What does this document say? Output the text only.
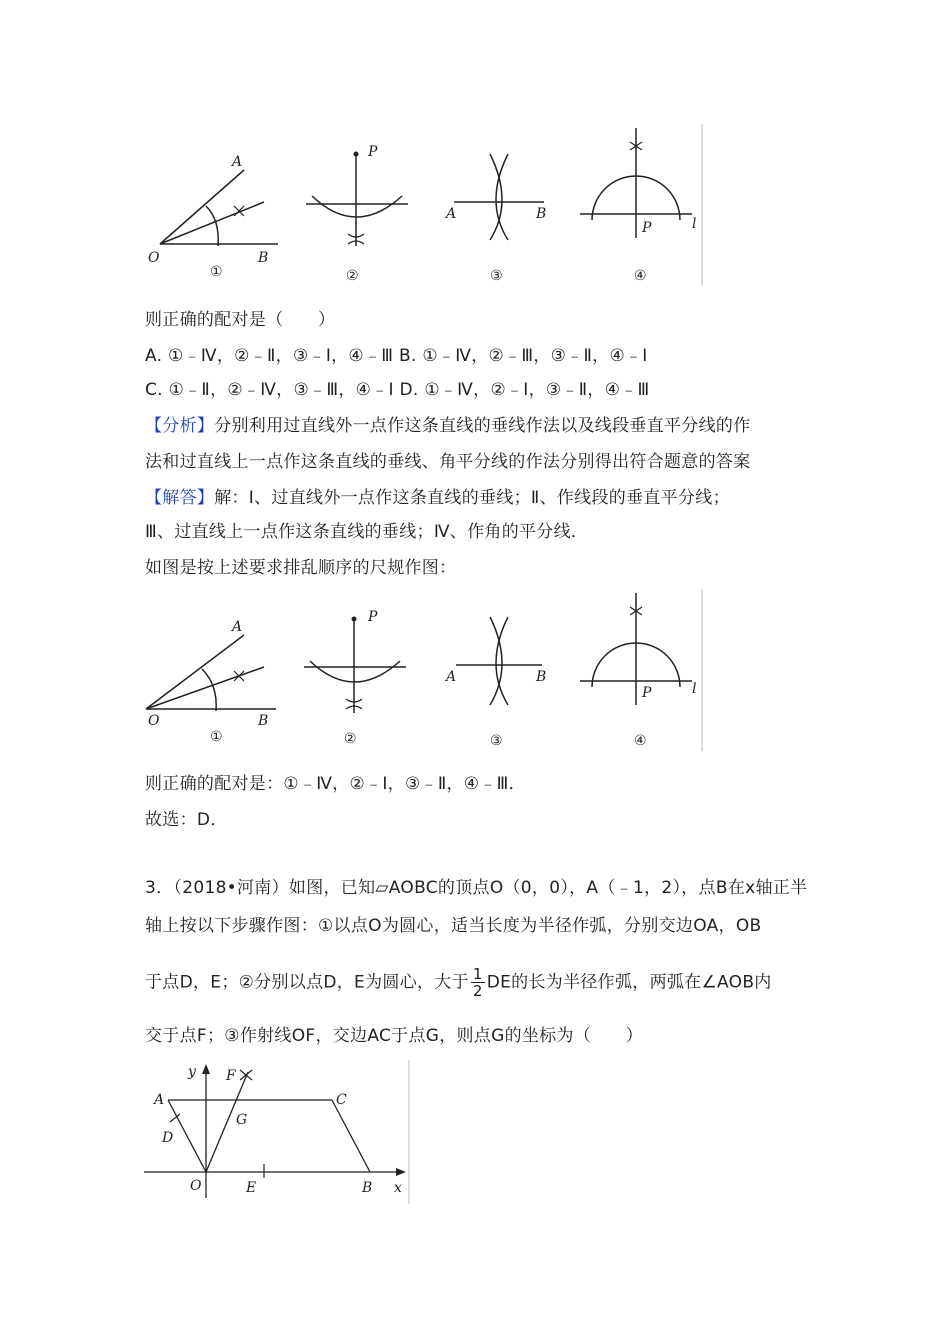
A
O	B
①
P
②
A	B
③
P	l
④
则正确的配对是（　　）
A. ①﹣Ⅳ，②﹣Ⅱ，③﹣Ⅰ，④﹣Ⅲ B. ①﹣Ⅳ，②﹣Ⅲ，③﹣Ⅱ，④﹣Ⅰ
C. ①﹣Ⅱ，②﹣Ⅳ，③﹣Ⅲ，④﹣Ⅰ D. ①﹣Ⅳ，②﹣Ⅰ，③﹣Ⅱ，④﹣Ⅲ
【分析】分别利用过直线外一点作这条直线的垂线作法以及线段垂直平分线的作
法和过直线上一点作这条直线的垂线、角平分线的作法分别得出符合题意的答案
【解答】解：Ⅰ、过直线外一点作这条直线的垂线；Ⅱ、作线段的垂直平分线；
Ⅲ、过直线上一点作这条直线的垂线；Ⅳ、作角的平分线．
如图是按上述要求排乱顺序的尺规作图：
A
O	B
①
P
②
A	B
③
P	l
④
则正确的配对是：①﹣Ⅳ，②﹣Ⅰ，③﹣Ⅱ，④﹣Ⅲ．
故选：D．
3．（2018•河南）如图，已知▱AOBC的顶点O（0，0），A（﹣1，2），点B在x轴正半
轴上按以下步骤作图：①以点O为圆心，适当长度为半径作弧，分别交边OA，OB
于点D，E；②分别以点D，E为圆心，大于 $\frac{1}{2}$ DE的长为半径作弧，两弧在∠AOB内
交于点F；③作射线OF，交边AC于点G，则点G的坐标为（　　）
y F
A	C
D
G
O	E	B x
